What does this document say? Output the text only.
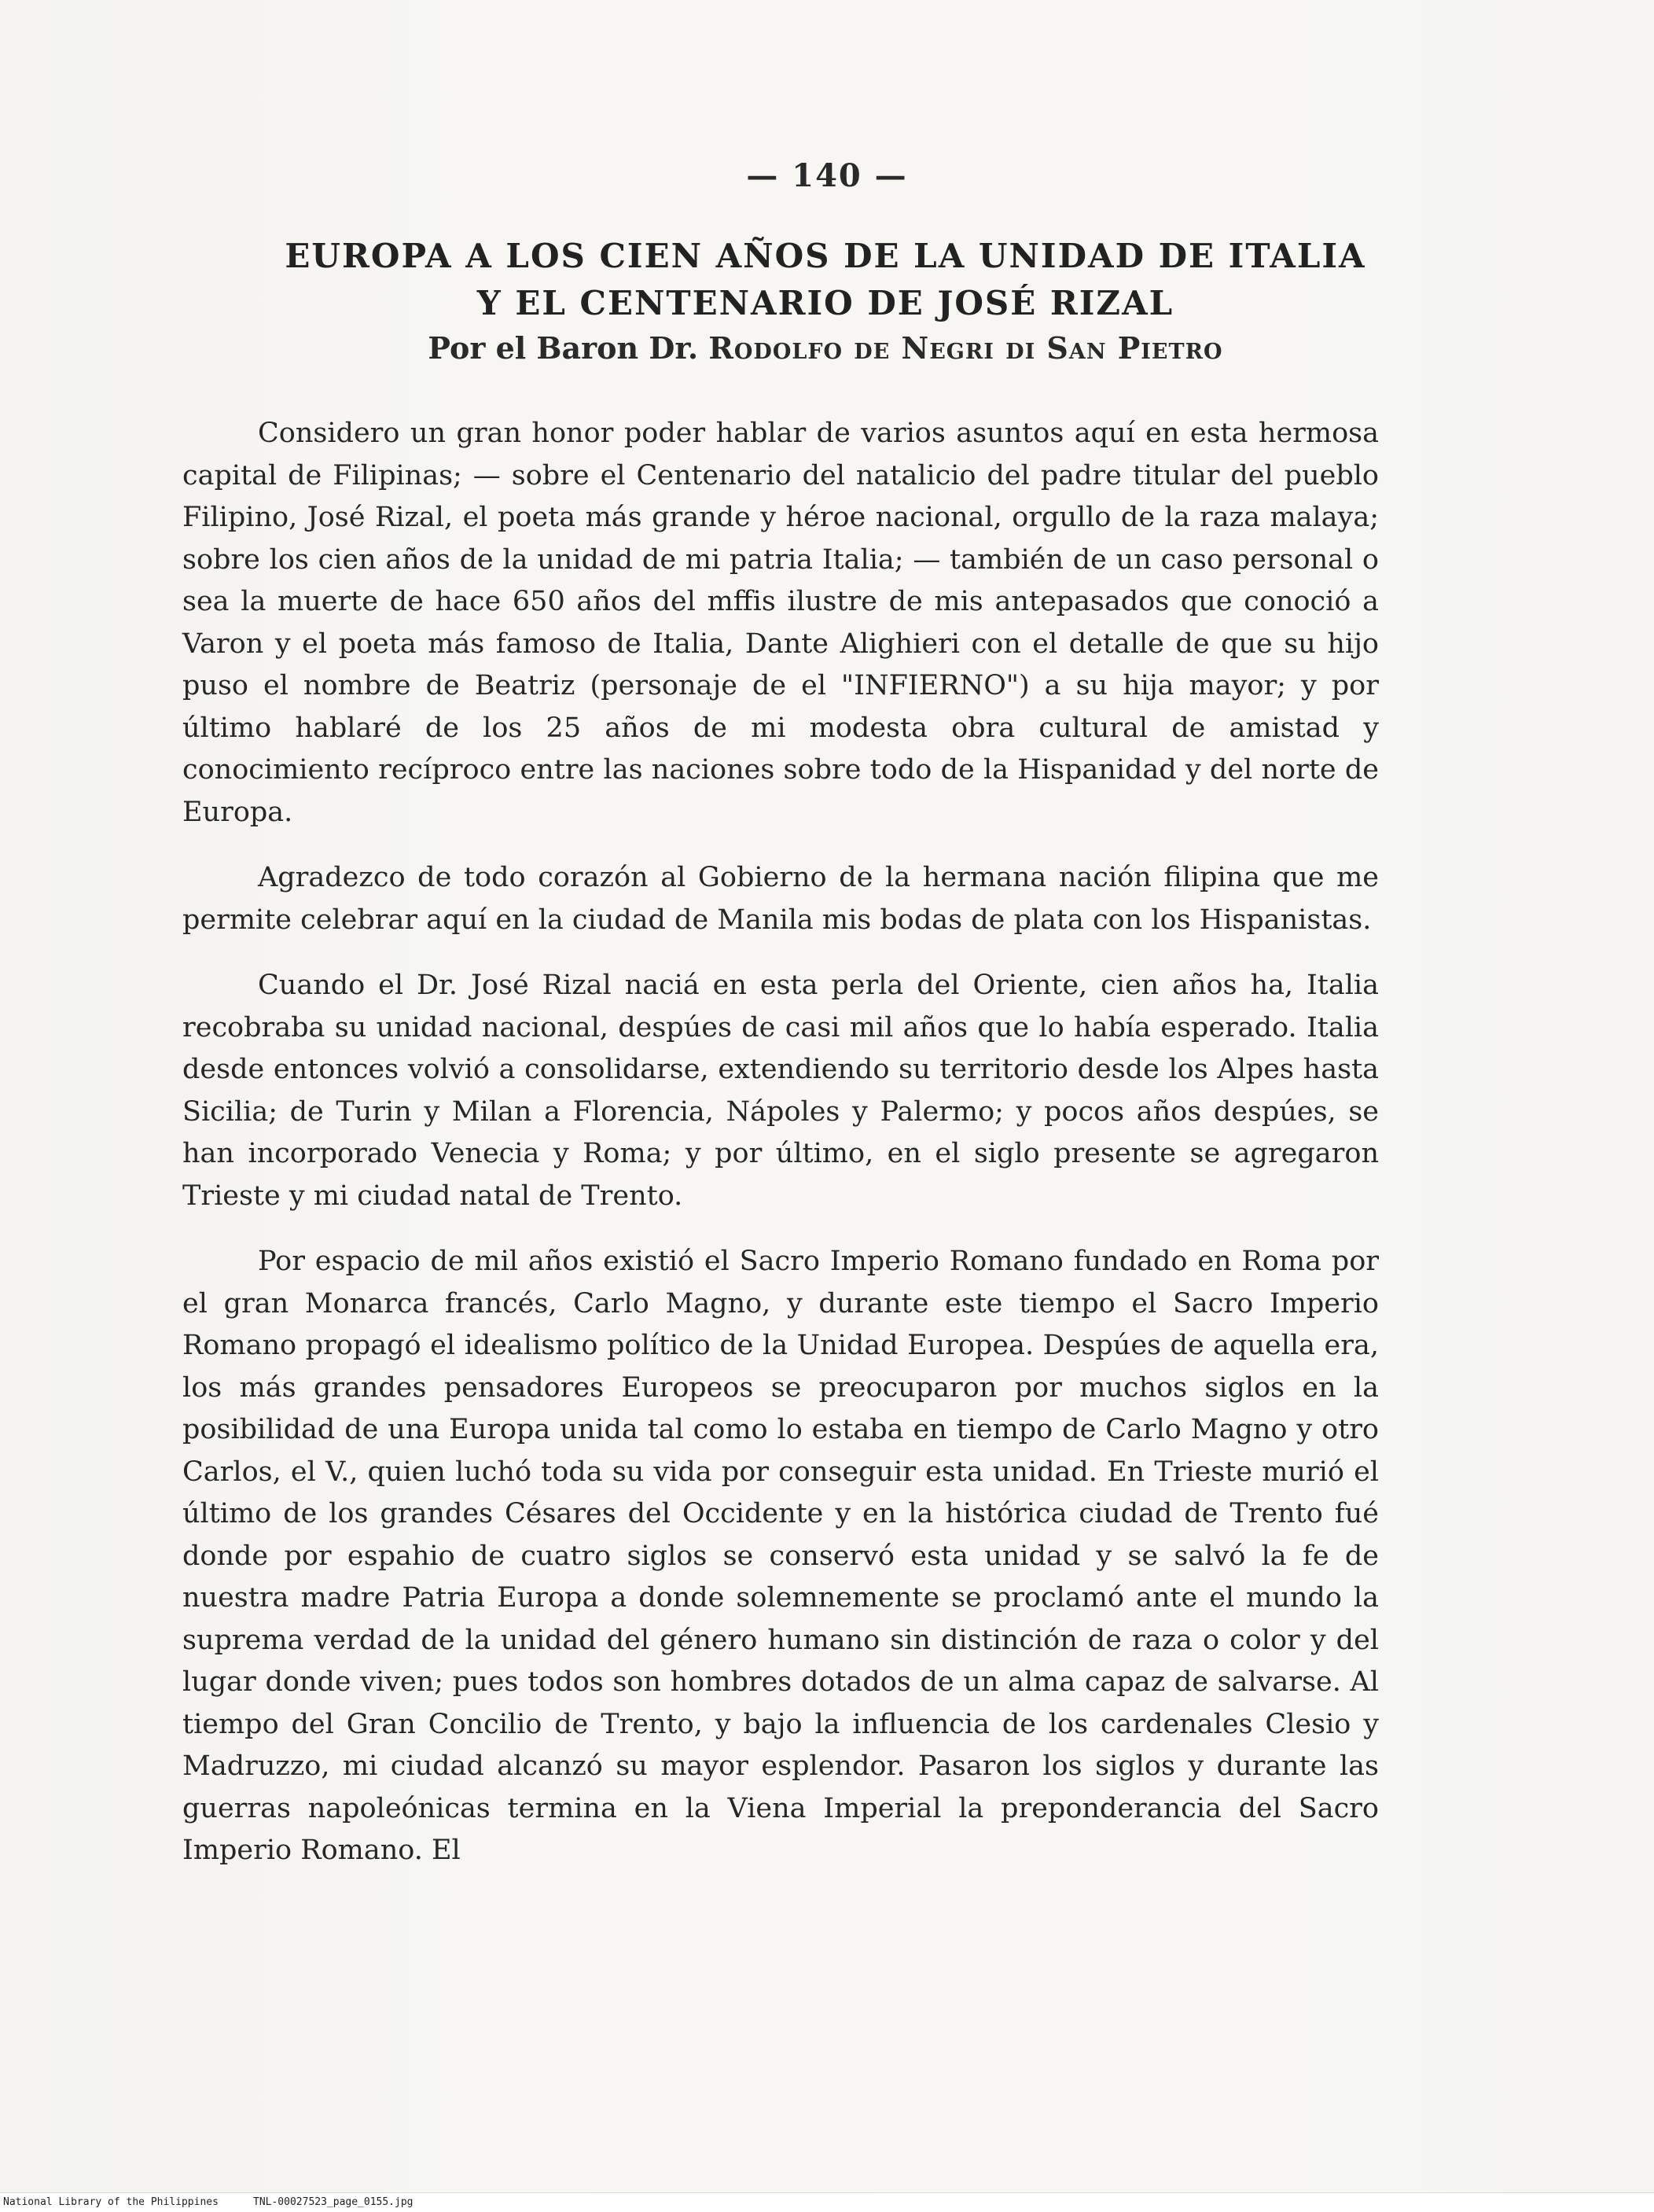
— 140 —
EUROPA A LOS CIEN AÑOS DE LA UNIDAD DE ITALIA
Y EL CENTENARIO DE JOSÉ RIZAL
Por el Baron Dr. Rodolfo de Negri di San Pietro

Considero un gran honor poder hablar de varios asuntos aquí en esta hermosa capital de Filipinas; — sobre el Centenario del natalicio del padre titular del pueblo Filipino, José Rizal, el poeta más grande y héroe nacional, orgullo de la raza malaya; sobre los cien años de la unidad de mi patria Italia; — también de un caso personal o sea la muerte de hace 650 años del mffis ilustre de mis antepasados que conoció a Varon y el poeta más famoso de Italia, Dante Alighieri con el detalle de que su hijo puso el nombre de Beatriz (personaje de el "INFIERNO") a su hija mayor; y por último hablaré de los 25 años de mi modesta obra cultural de amistad y conocimiento recíproco entre las naciones sobre todo de la Hispanidad y del norte de Europa.

Agradezco de todo corazón al Gobierno de la hermana nación filipina que me permite celebrar aquí en la ciudad de Manila mis bodas de plata con los Hispanistas.

Cuando el Dr. José Rizal naciá en esta perla del Oriente, cien años ha, Italia recobraba su unidad nacional, despúes de casi mil años que lo había esperado. Italia desde entonces volvió a consolidarse, extendiendo su territorio desde los Alpes hasta Sicilia; de Turin y Milan a Florencia, Nápoles y Palermo; y pocos años despúes, se han incorporado Venecia y Roma; y por último, en el siglo presente se agregaron Trieste y mi ciudad natal de Trento.

Por espacio de mil años existió el Sacro Imperio Romano fundado en Roma por el gran Monarca francés, Carlo Magno, y durante este tiempo el Sacro Imperio Romano propagó el idealismo político de la Unidad Europea. Despúes de aquella era, los más grandes pensadores Europeos se preocuparon por muchos siglos en la posibilidad de una Europa unida tal como lo estaba en tiempo de Carlo Magno y otro Carlos, el V., quien luchó toda su vida por conseguir esta unidad. En Trieste murió el último de los grandes Césares del Occidente y en la histórica ciudad de Trento fué donde por espahio de cuatro siglos se conservó esta unidad y se salvó la fe de nuestra madre Patria Europa a donde solemnemente se proclamó ante el mundo la suprema verdad de la unidad del género humano sin distinción de raza o color y del lugar donde viven; pues todos son hombres dotados de un alma capaz de salvarse. Al tiempo del Gran Concilio de Trento, y bajo la influencia de los cardenales Clesio y Madruzzo, mi ciudad alcanzó su mayor esplendor. Pasaron los siglos y durante las guerras napoleónicas termina en la Viena Imperial la preponderancia del Sacro Imperio Romano. El

National Library of the Philippines	TNL-00027523_page_0155.jpg
